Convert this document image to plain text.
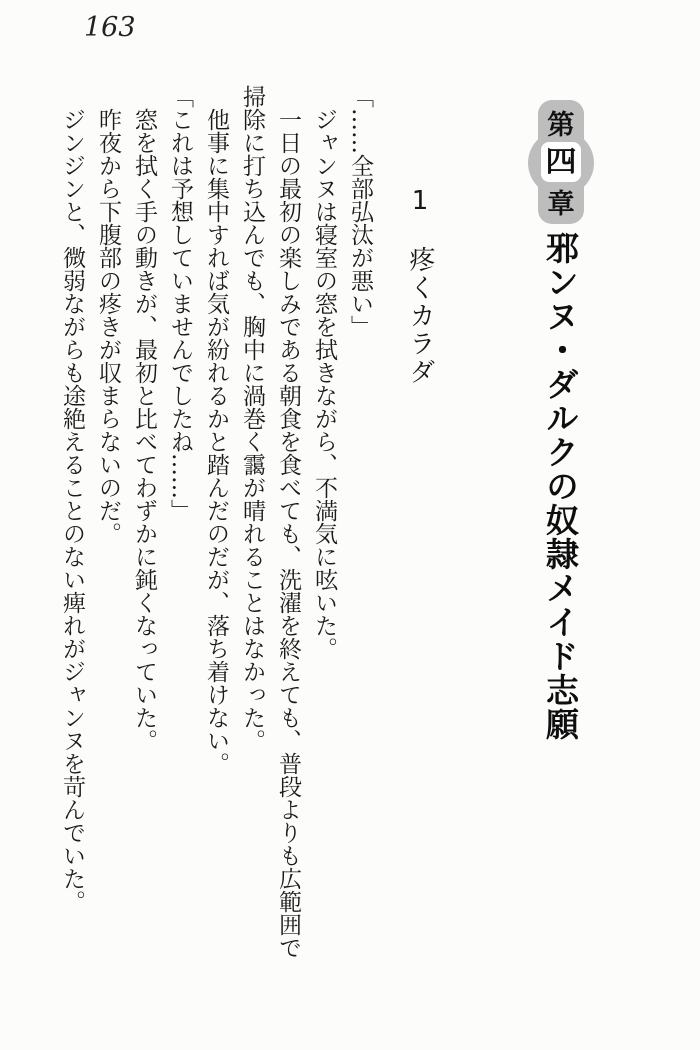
163
第
四
章
邪ンヌ・ダルクの奴隷メイド志願
1　疼くカラダ

「……全部弘汰が悪い」

ジャンヌは寝室の窓を拭きながら、不満気に呟いた。

一日の最初の楽しみである朝食を食べても、洗濯を終えても、普段よりも広範囲で掃除に打ち込んでも、胸中に渦巻く靄が晴れることはなかった。

他事に集中すれば気が紛れるかと踏んだのだが、落ち着けない。

「これは予想していませんでしたね……」

窓を拭く手の動きが、最初と比べてわずかに鈍くなっていた。

昨夜から下腹部の疼きが収まらないのだ。

ジンジンと、微弱ながらも途絶えることのない痺れがジャンヌを苛んでいた。
